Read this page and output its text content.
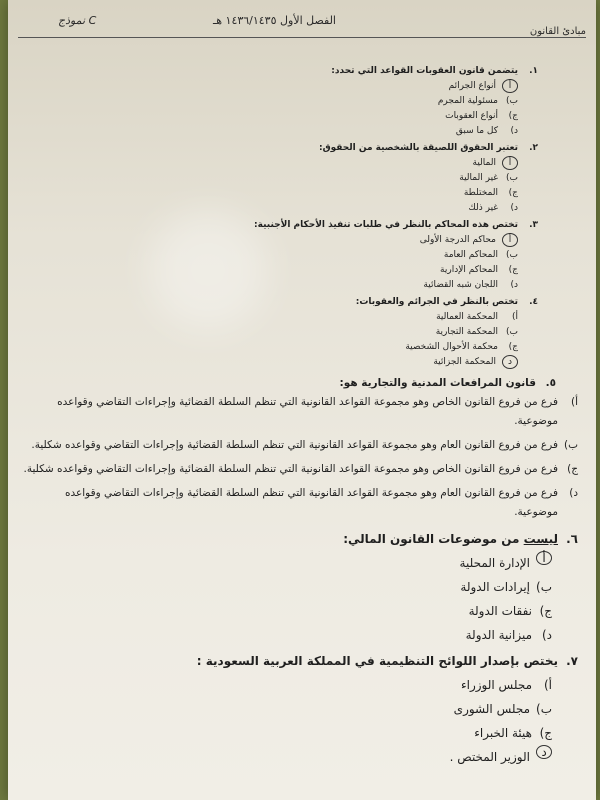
نموذج C	الفصل الأول ١٤٣٦/١٤٣٥ هـ
مبادئ القانون
١.
يتضمن قانون العقوبات القواعد التي تحدد:
أ
أنواع الجرائم
ب)
مسئولية المجرم
ج)
أنواع العقوبات
د)
كل ما سبق
٢.
تعتبر الحقوق اللصيقة بالشخصية من الحقوق:
أ
المالية
ب)
غير المالية
ج)
المختلطة
د)
غير ذلك
٣.
تختص هذه المحاكم بالنظر في طلبات تنفيذ الأحكام الأجنبية:
أ
محاكم الدرجة الأولى
ب)
المحاكم العامة
ج)
المحاكم الإدارية
د)
اللجان شبه القضائية
٤.
تختص بالنظر في الجرائم والعقوبات:
أ)
المحكمة العمالية
ب)
المحكمة التجارية
ج)
محكمة الأحوال الشخصية
د
المحكمة الجزائية
٥.
قانون المرافعات المدنية والتجارية هو:
أ)
فرع من فروع القانون الخاص وهو مجموعة القواعد القانونية التي تنظم السلطة القضائية وإجراءات التقاضي وقواعده موضوعية.
ب)
فرع من فروع القانون العام وهو مجموعة القواعد القانونية التي تنظم السلطة القضائية وإجراءات التقاضي وقواعده شكلية.
ج)
فرع من فروع القانون الخاص وهو مجموعة القواعد القانونية التي تنظم السلطة القضائية وإجراءات التقاضي وقواعده شكلية.
د)
فرع من فروع القانون العام وهو مجموعة القواعد القانونية التي تنظم السلطة القضائية وإجراءات التقاضي وقواعده موضوعية.
٦.
ليست من موضوعات القانون المالي:
أ
الإدارة المحلية
ب)
إيرادات الدولة
ج)
نفقات الدولة
د)
ميزانية الدولة
٧.
يختص بإصدار اللوائح التنظيمية في المملكة العربية السعودية :
أ)
مجلس الوزراء
ب)
مجلس الشورى
ج)
هيئة الخبراء
د
الوزير المختص .
